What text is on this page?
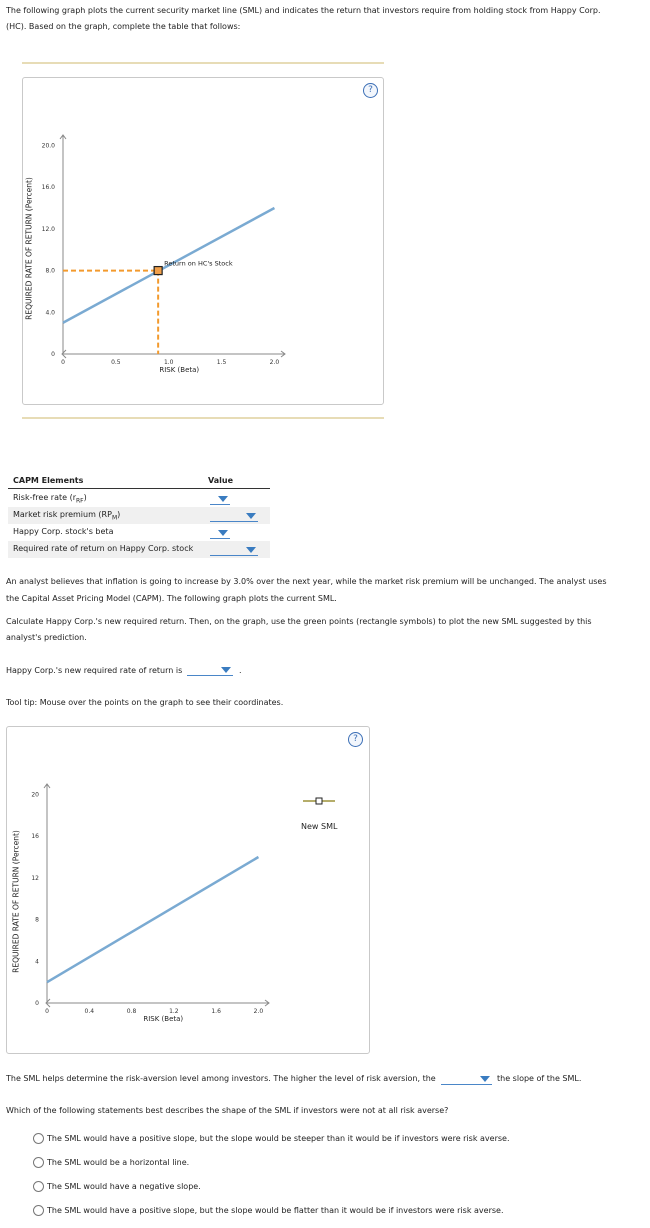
The following graph plots the current security market line (SML) and indicates the return that investors require from holding stock from Happy Corp.
(HC). Based on the graph, complete the table that follows:
?
REQUIRED RATE OF RETURN (Percent)
20.0
16.0
12.0
8.0
4.0
0
0	0.5	1.0	1.5	2.0
RISK (Beta)
Return on HC's Stock
CAPM Elements	Value
Risk-free rate $(r_{RF})$
Market risk premium $(RP_M)$
Happy Corp. stock's beta
Required rate of return on Happy Corp. stock
An analyst believes that inflation is going to increase by 3.0% over the next year, while the market risk premium will be unchanged. The analyst uses
the Capital Asset Pricing Model (CAPM). The following graph plots the current SML.
Calculate Happy Corp.'s new required return. Then, on the graph, use the green points (rectangle symbols) to plot the new SML suggested by this
analyst's prediction.
Happy Corp.'s new required rate of return is	.
Tool tip: Mouse over the points on the graph to see their coordinates.
?
REQUIRED RATE OF RETURN (Percent)
20
16
12
8
4
0
0	0.4	0.8	1.2	1.6	2.0
RISK (Beta)
New SML
The SML helps determine the risk-aversion level among investors. The higher the level of risk aversion, the	the slope of the SML.
Which of the following statements best describes the shape of the SML if investors were not at all risk averse?
The SML would have a positive slope, but the slope would be steeper than it would be if investors were risk averse.
The SML would be a horizontal line.
The SML would have a negative slope.
The SML would have a positive slope, but the slope would be flatter than it would be if investors were risk averse.
